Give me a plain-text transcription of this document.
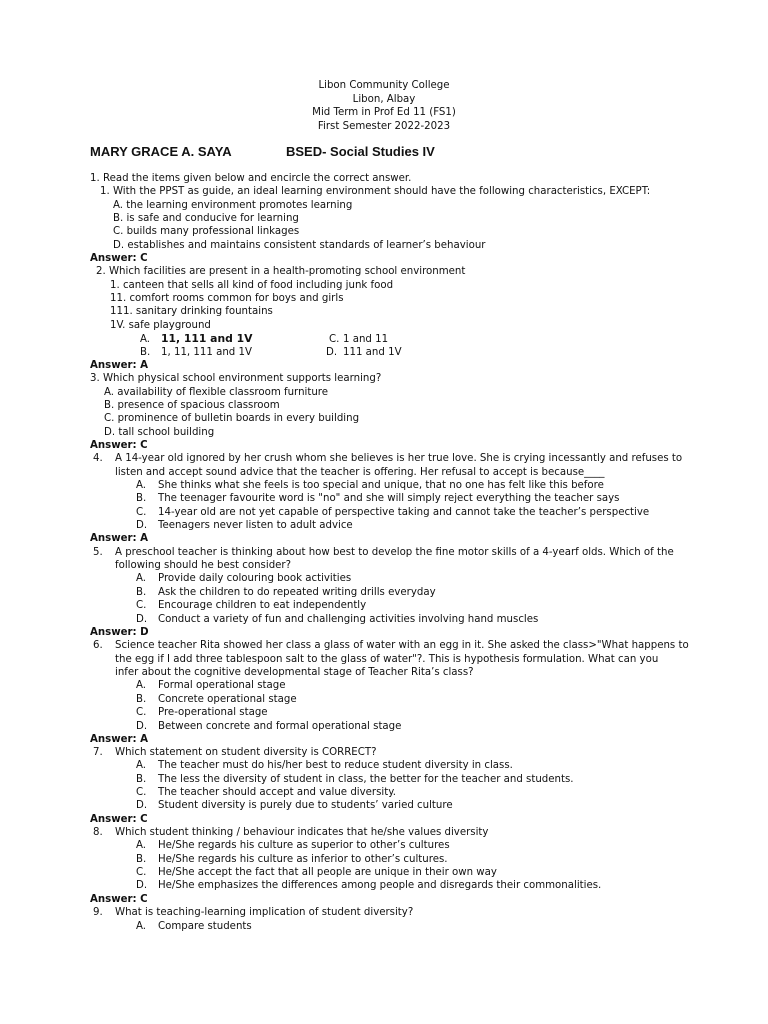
Libon Community College
Libon, Albay
Mid Term in Prof Ed 11 (FS1)
First Semester 2022-2023
MARY GRACE A. SAYA	BSED- Social Studies IV
1. Read the items given below and encircle the correct answer.
1. With the PPST as guide, an ideal learning environment should have the following characteristics, EXCEPT:
A. the learning environment promotes learning
B. is safe and conducive for learning
C. builds many professional linkages
D. establishes and maintains consistent standards of learner’s behaviour
Answer: C
2. Which facilities are present in a health-promoting school environment
1. canteen that sells all kind of food including junk food
11. comfort rooms common for boys and girls
111. sanitary drinking fountains
1V. safe playground
A. 11, 111 and 1V	C. 1 and 11
B. 1, 11, 111 and 1V	D. 111 and 1V
Answer: A
3. Which physical school environment supports learning?
A. availability of flexible classroom furniture
B. presence of spacious classroom
C. prominence of bulletin boards in every building
D. tall school building
Answer: C
4. A 14-year old ignored by her crush whom she believes is her true love. She is crying incessantly and refuses to
listen and accept sound advice that the teacher is offering. Her refusal to accept is because____
A. She thinks what she feels is too special and unique, that no one has felt like this before
B. The teenager favourite word is "no" and she will simply reject everything the teacher says
C. 14-year old are not yet capable of perspective taking and cannot take the teacher’s perspective
D. Teenagers never listen to adult advice
Answer: A
5. A preschool teacher is thinking about how best to develop the fine motor skills of a 4-yearf olds. Which of the
following should he best consider?
A. Provide daily colouring book activities
B. Ask the children to do repeated writing drills everyday
C. Encourage children to eat independently
D. Conduct a variety of fun and challenging activities involving hand muscles
Answer: D
6. Science teacher Rita showed her class a glass of water with an egg in it. She asked the class>"What happens to
the egg if I add three tablespoon salt to the glass of water"?. This is hypothesis formulation. What can you
infer about the cognitive developmental stage of Teacher Rita’s class?
A. Formal operational stage
B. Concrete operational stage
C. Pre-operational stage
D. Between concrete and formal operational stage
Answer: A
7. Which statement on student diversity is CORRECT?
A. The teacher must do his/her best to reduce student diversity in class.
B. The less the diversity of student in class, the better for the teacher and students.
C. The teacher should accept and value diversity.
D. Student diversity is purely due to students’ varied culture
Answer: C
8. Which student thinking / behaviour indicates that he/she values diversity
A. He/She regards his culture as superior to other’s cultures
B. He/She regards his culture as inferior to other’s cultures.
C. He/She accept the fact that all people are unique in their own way
D. He/She emphasizes the differences among people and disregards their commonalities.
Answer: C
9. What is teaching-learning implication of student diversity?
A. Compare students
